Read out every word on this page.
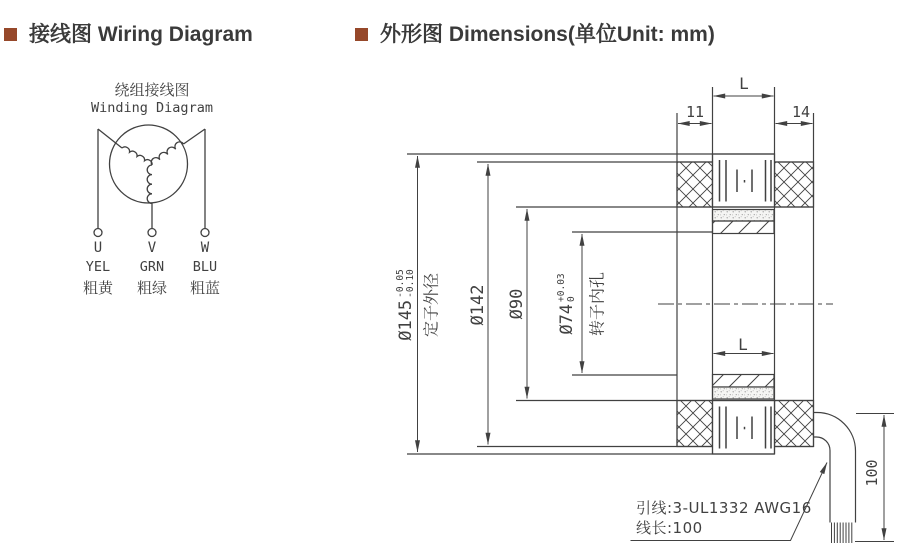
接线图 Wiring Diagram	外形图 Dimensions(单位Unit: mm)
绕组接线图
Winding Diagram
U	V	W
YEL	GRN	BLU
粗黄	粗绿	粗蓝
11
L
14
L
Ø145
-0.05 -0.10 定子外径 Ø142 Ø90 Ø74
+0.03 0 转子内孔
100
引线:3-UL1332 AWG16
线长:100
